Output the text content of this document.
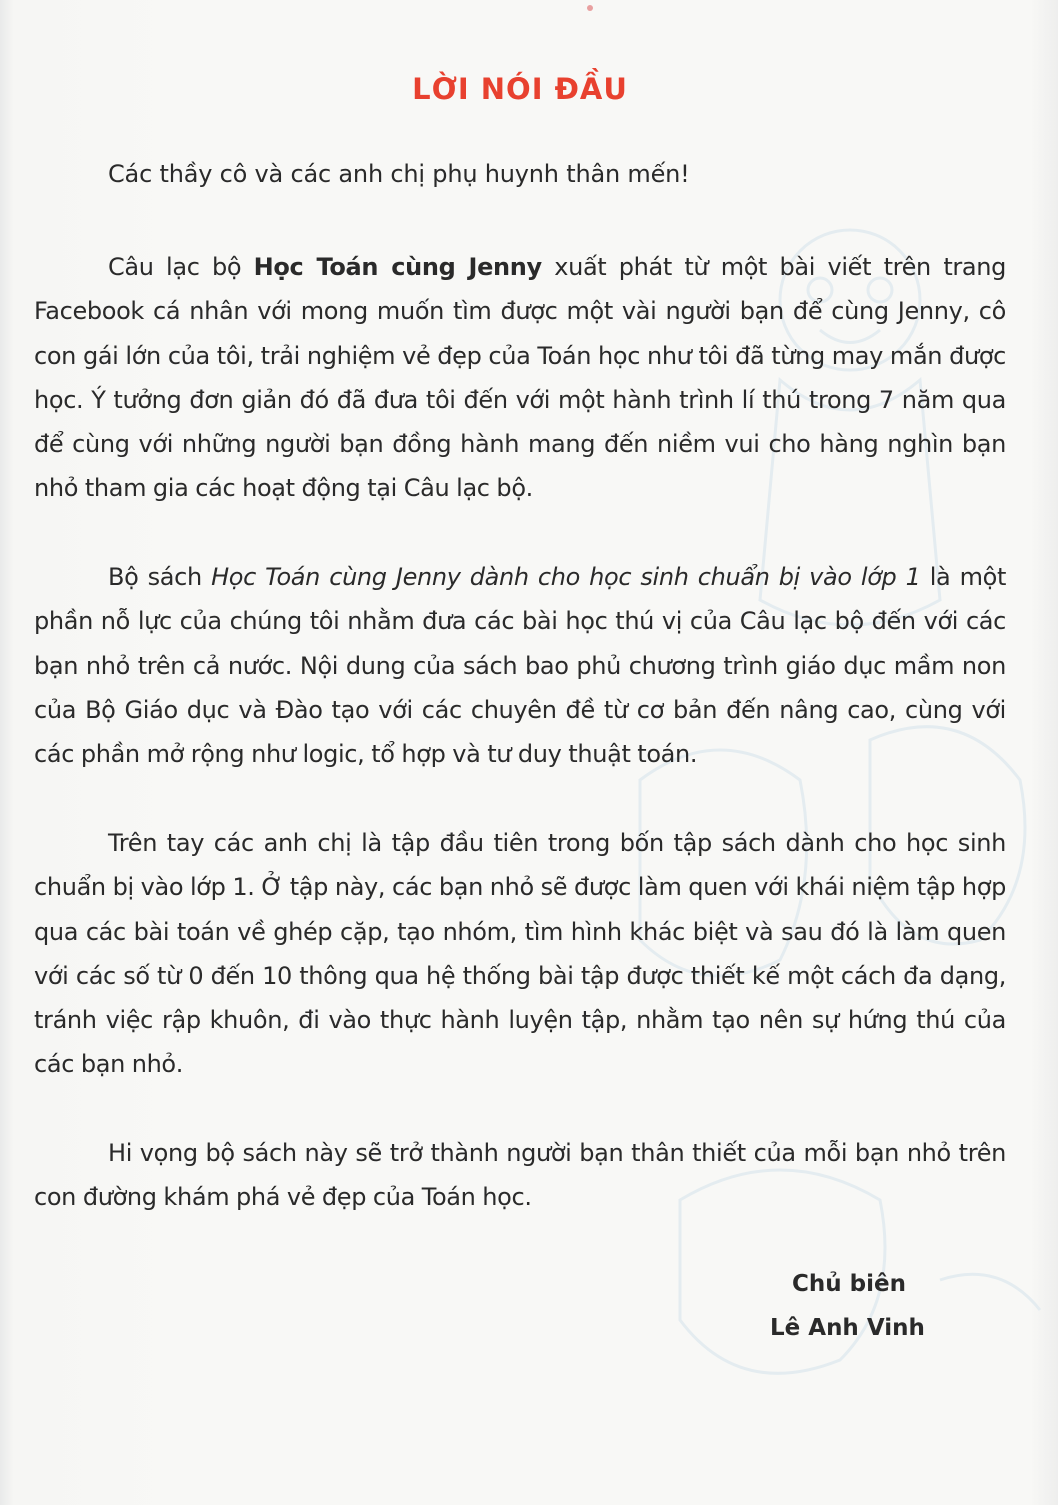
LỜI NÓI ĐẦU

Các thầy cô và các anh chị phụ huynh thân mến!

Câu lạc bộ Học Toán cùng Jenny xuất phát từ một bài viết trên trang Facebook cá nhân với mong muốn tìm được một vài người bạn để cùng Jenny, cô con gái lớn của tôi, trải nghiệm vẻ đẹp của Toán học như tôi đã từng may mắn được học. Ý tưởng đơn giản đó đã đưa tôi đến với một hành trình lí thú trong 7 năm qua để cùng với những người bạn đồng hành mang đến niềm vui cho hàng nghìn bạn nhỏ tham gia các hoạt động tại Câu lạc bộ.

Bộ sách Học Toán cùng Jenny dành cho học sinh chuẩn bị vào lớp 1 là một phần nỗ lực của chúng tôi nhằm đưa các bài học thú vị của Câu lạc bộ đến với các bạn nhỏ trên cả nước. Nội dung của sách bao phủ chương trình giáo dục mầm non của Bộ Giáo dục và Đào tạo với các chuyên đề từ cơ bản đến nâng cao, cùng với các phần mở rộng như logic, tổ hợp và tư duy thuật toán.

Trên tay các anh chị là tập đầu tiên trong bốn tập sách dành cho học sinh chuẩn bị vào lớp 1. Ở tập này, các bạn nhỏ sẽ được làm quen với khái niệm tập hợp qua các bài toán về ghép cặp, tạo nhóm, tìm hình khác biệt và sau đó là làm quen với các số từ 0 đến 10 thông qua hệ thống bài tập được thiết kế một cách đa dạng, tránh việc rập khuôn, đi vào thực hành luyện tập, nhằm tạo nên sự hứng thú của các bạn nhỏ.

Hi vọng bộ sách này sẽ trở thành người bạn thân thiết của mỗi bạn nhỏ trên con đường khám phá vẻ đẹp của Toán học.

Chủ biên

Lê Anh Vinh
